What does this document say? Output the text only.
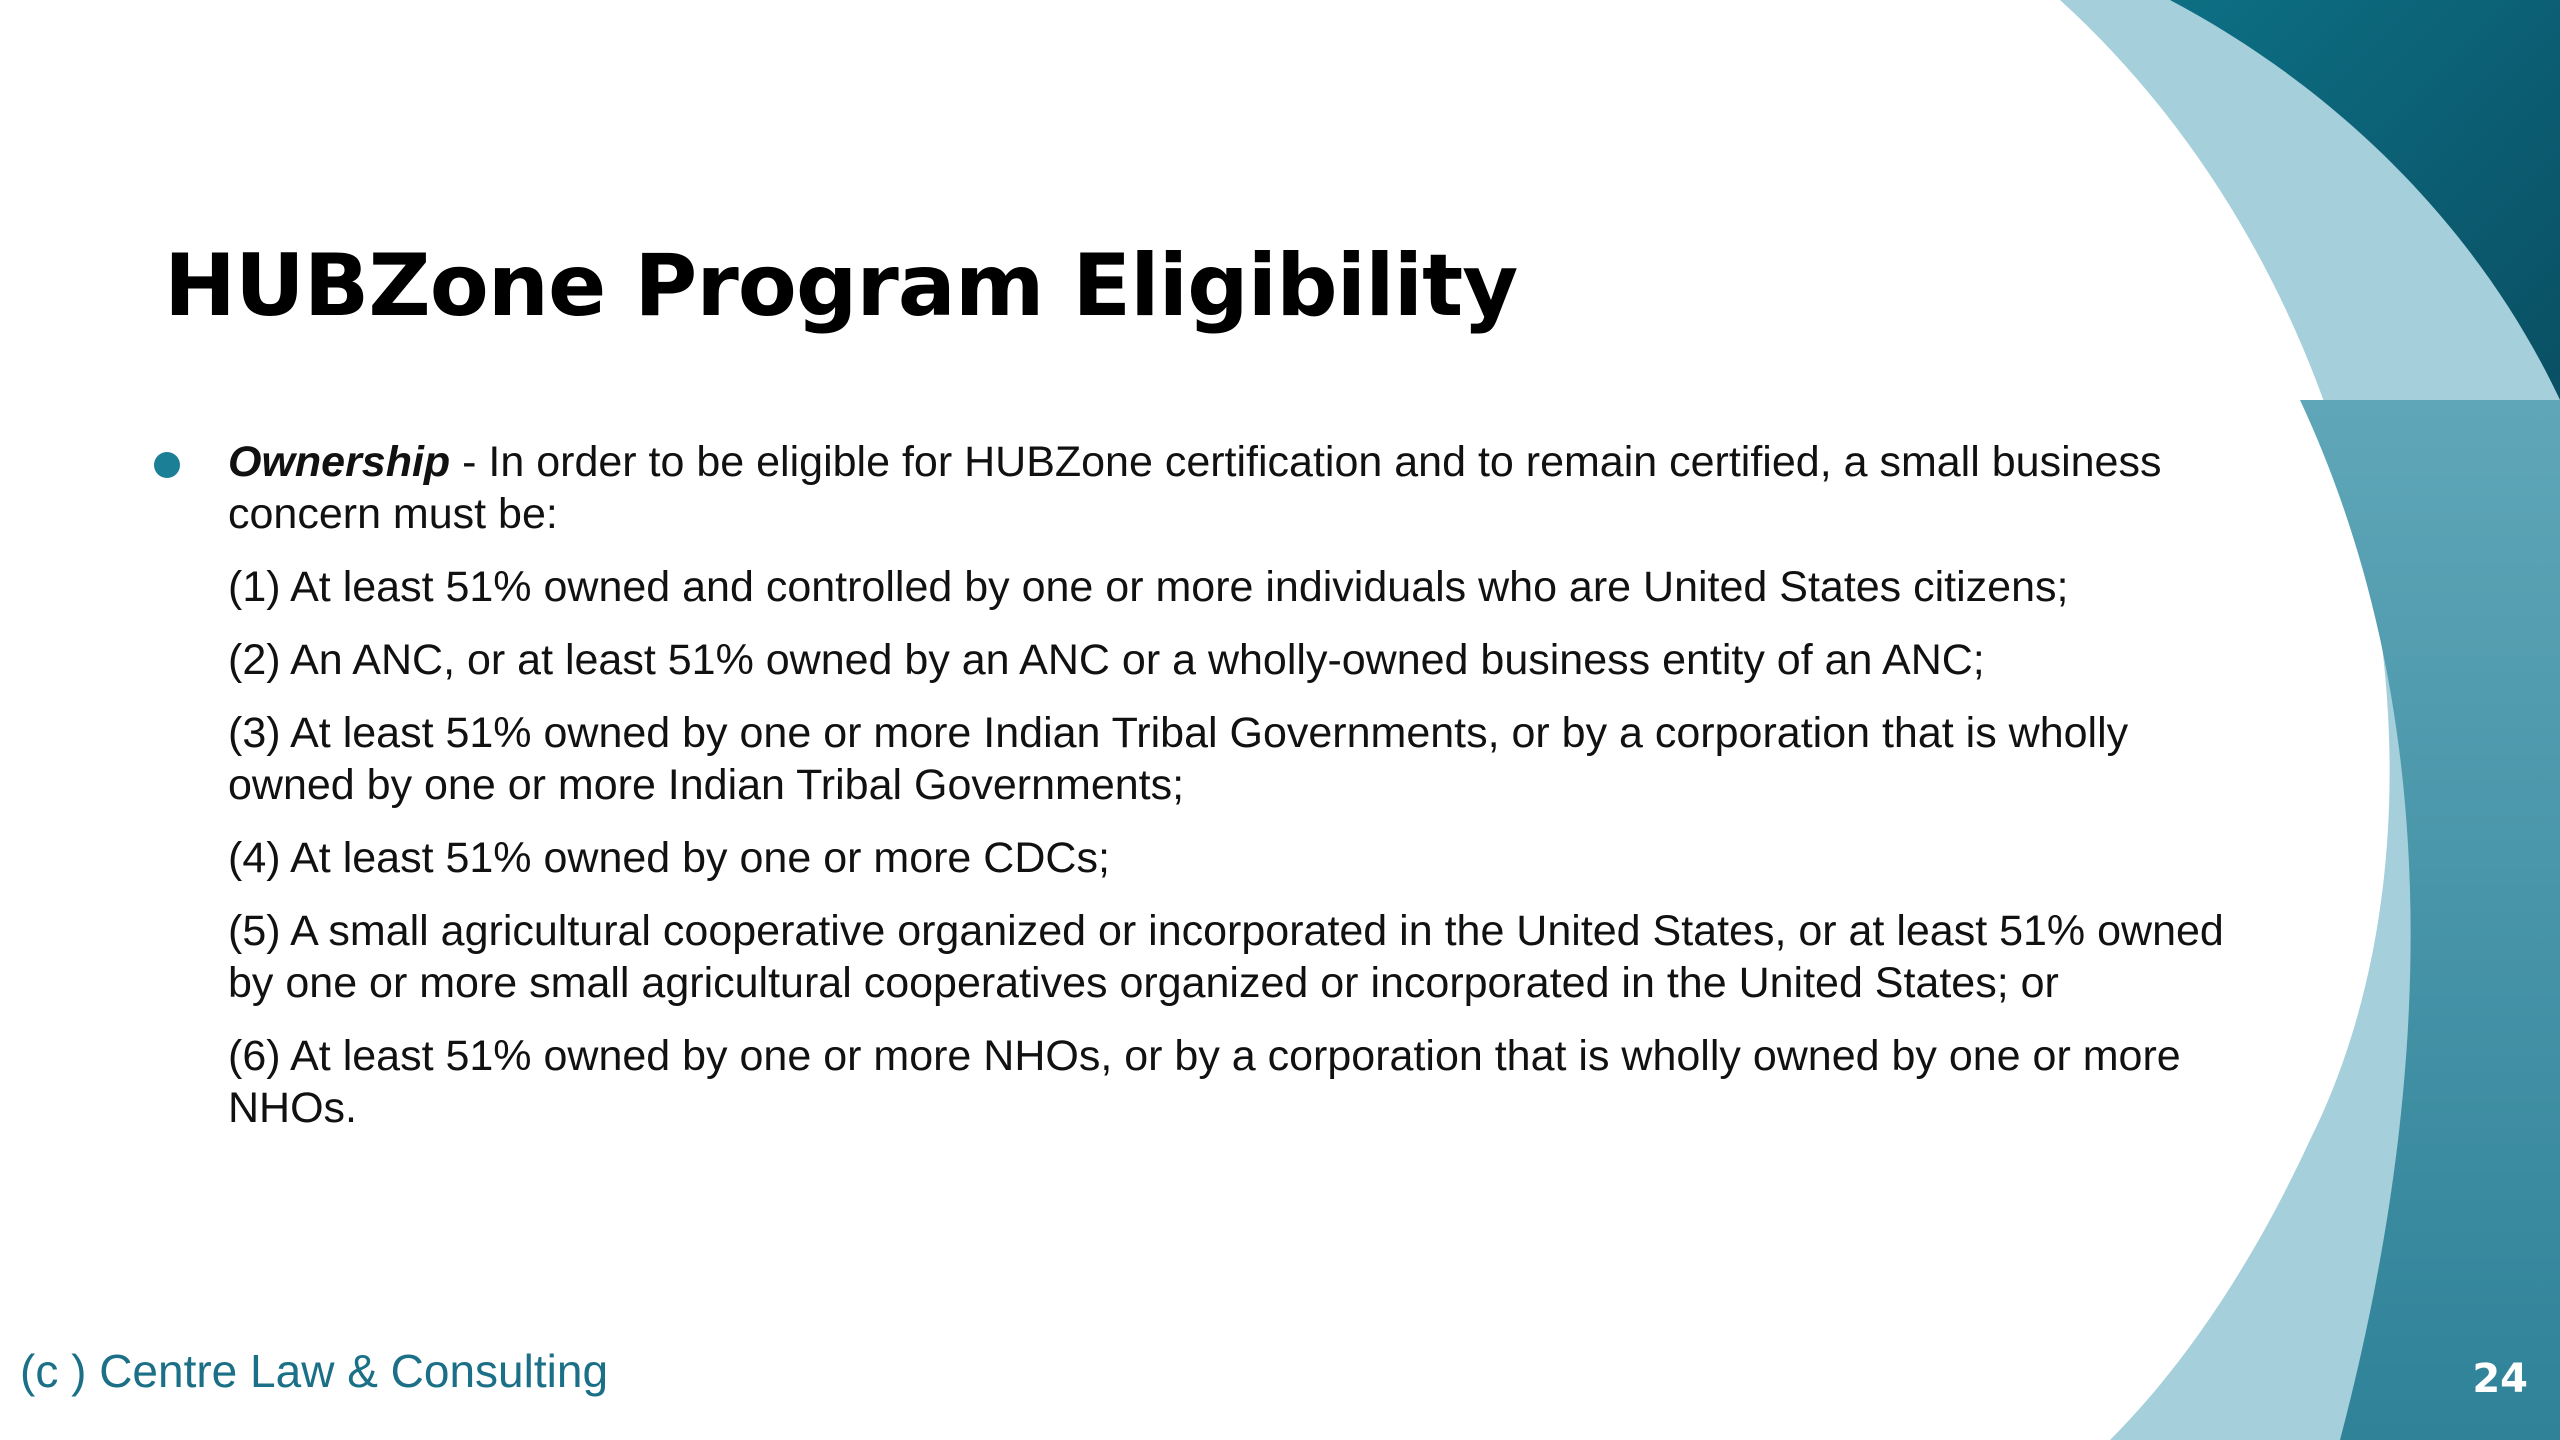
HUBZone Program Eligibility

Ownership - In order to be eligible for HUBZone certification and to remain certified, a small business concern must be:

(1) At least 51% owned and controlled by one or more individuals who are United States citizens;

(2) An ANC, or at least 51% owned by an ANC or a wholly-owned business entity of an ANC;

(3) At least 51% owned by one or more Indian Tribal Governments, or by a corporation that is wholly owned by one or more Indian Tribal Governments;

(4) At least 51% owned by one or more CDCs;

(5) A small agricultural cooperative organized or incorporated in the United States, or at least 51% owned by one or more small agricultural cooperatives organized or incorporated in the United States; or

(6) At least 51% owned by one or more NHOs, or by a corporation that is wholly owned by one or more NHOs.

(c ) Centre Law & Consulting	24
